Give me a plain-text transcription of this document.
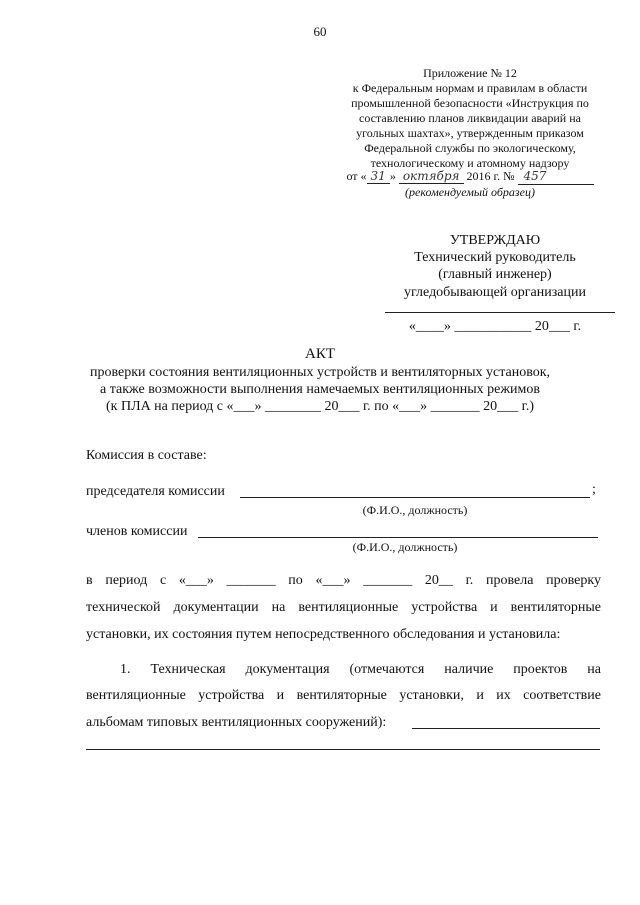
60
Приложение № 12
к Федеральным нормам и правилам в области
промышленной безопасности «Инструкция по
составлению планов ликвидации аварий на
угольных шахтах», утвержденным приказом
Федеральной службы по экологическому,
технологическому и атомному надзору
от « 31 » октября 2016 г. № 457
(рекомендуемый образец)
УТВЕРЖДАЮ
Технический руководитель
(главный инженер)
угледобывающей организации
«____» ___________ 20___ г.
АКТ
проверки состояния вентиляционных устройств и вентиляторных установок,
а также возможности выполнения намечаемых вентиляционных режимов
(к ПЛА на период с «___» ________ 20___ г. по «___» _______ 20___ г.)
Комиссия в составе:
председателя комиссии	;
(Ф.И.О., должность)
членов комиссии
(Ф.И.О., должность)
в период с «___» _______ по «___» _______ 20__ г. провела проверку
технической документации на вентиляционные устройства и вентиляторные
установки, их состояния путем непосредственного обследования и установила:
1. Техническая документация (отмечаются наличие проектов на
вентиляционные устройства и вентиляторные установки, и их соответствие
альбомам типовых вентиляционных сооружений):
